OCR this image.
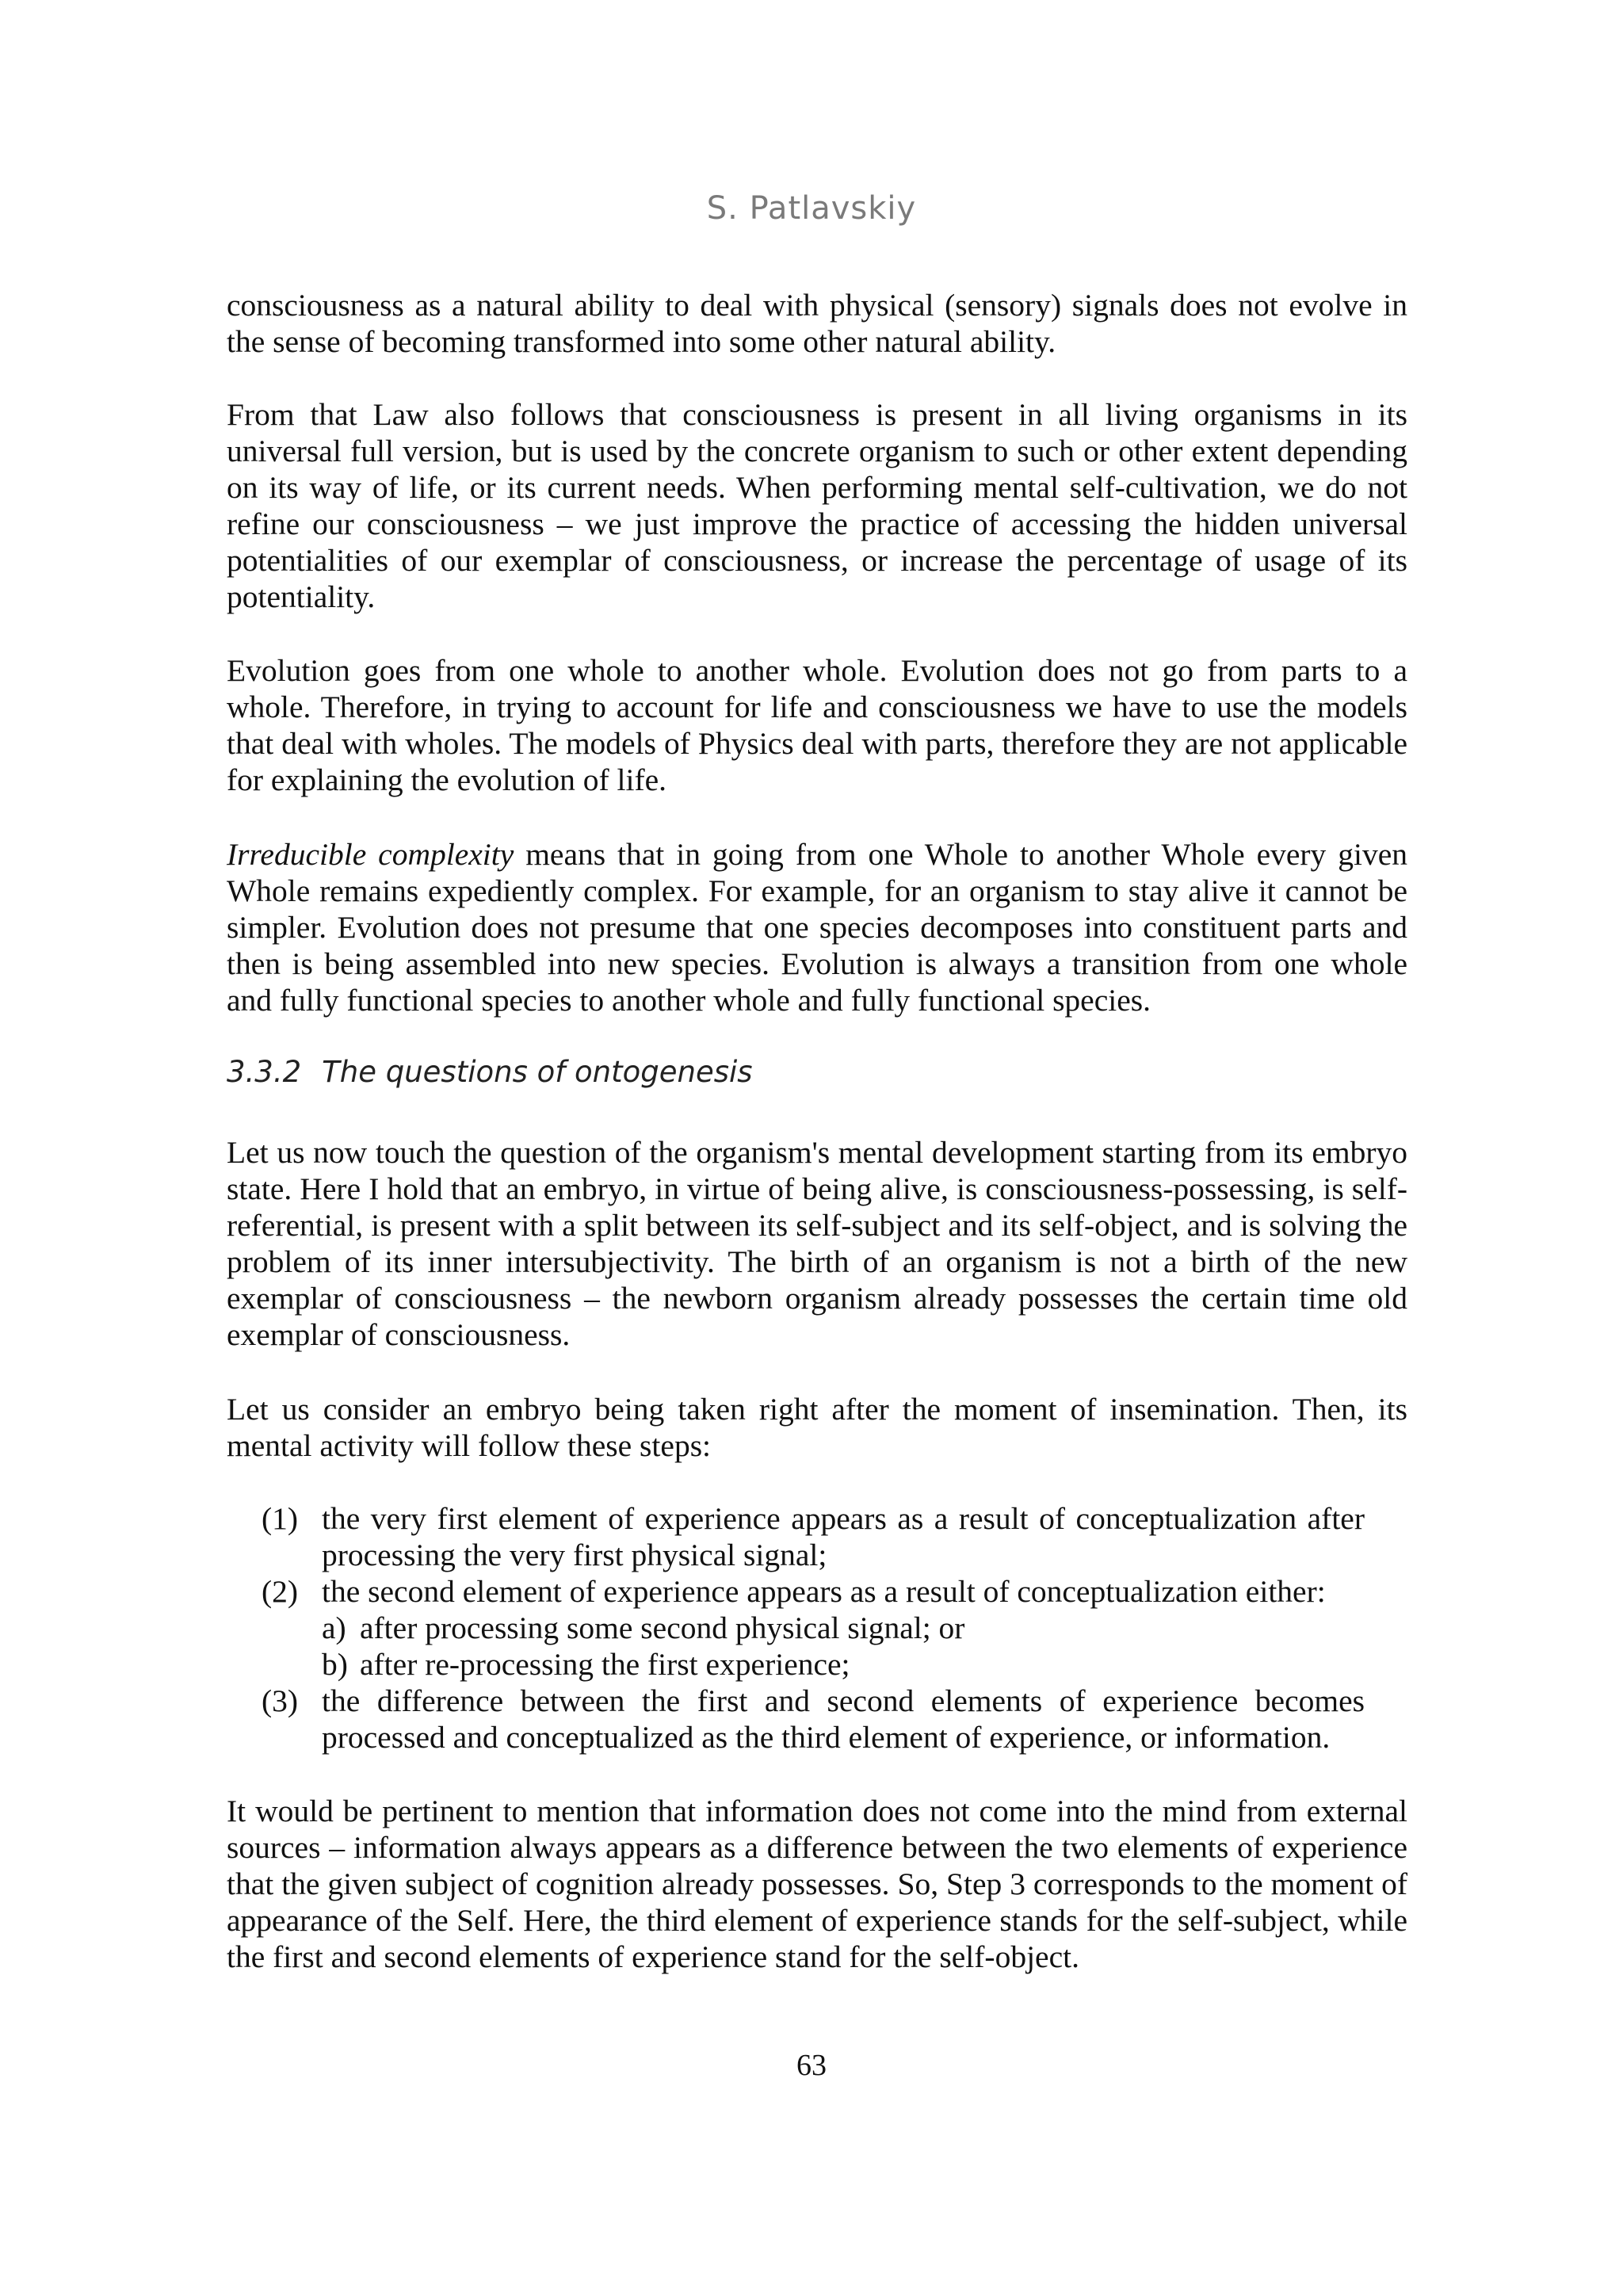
S. Patlavskiy

consciousness as a natural ability to deal with physical (sensory) signals does not evolve in the sense of becoming transformed into some other natural ability.

From that Law also follows that consciousness is present in all living organisms in its universal full version, but is used by the concrete organism to such or other extent depending on its way of life, or its current needs. When performing mental self-cultivation, we do not refine our consciousness – we just improve the practice of accessing the hidden universal potentialities of our exemplar of consciousness, or increase the percentage of usage of its potentiality.

Evolution goes from one whole to another whole. Evolution does not go from parts to a whole. Therefore, in trying to account for life and consciousness we have to use the models that deal with wholes. The models of Physics deal with parts, therefore they are not applicable for explaining the evolution of life.

Irreducible complexity means that in going from one Whole to another Whole every given Whole remains expediently complex. For example, for an organism to stay alive it cannot be simpler. Evolution does not presume that one species decomposes into constituent parts and then is being assembled into new species. Evolution is always a transition from one whole and fully functional species to another whole and fully functional species.

3.3.2 The questions of ontogenesis

Let us now touch the question of the organism's mental development starting from its embryo state. Here I hold that an embryo, in virtue of being alive, is consciousness-possessing, is self-referential, is present with a split between its self-subject and its self-object, and is solving the problem of its inner intersubjectivity. The birth of an organism is not a birth of the new exemplar of consciousness – the newborn organism already possesses the certain time old exemplar of consciousness.

Let us consider an embryo being taken right after the moment of insemination. Then, its mental activity will follow these steps:

(1) the very first element of experience appears as a result of conceptualization after processing the very first physical signal;
(2) the second element of experience appears as a result of conceptualization either:
a) after processing some second physical signal; or
b) after re-processing the first experience;
(3) the difference between the first and second elements of experience becomes processed and conceptualized as the third element of experience, or information.

It would be pertinent to mention that information does not come into the mind from external sources – information always appears as a difference between the two elements of experience that the given subject of cognition already possesses. So, Step 3 corresponds to the moment of appearance of the Self. Here, the third element of experience stands for the self-subject, while the first and second elements of experience stand for the self-object.

63
